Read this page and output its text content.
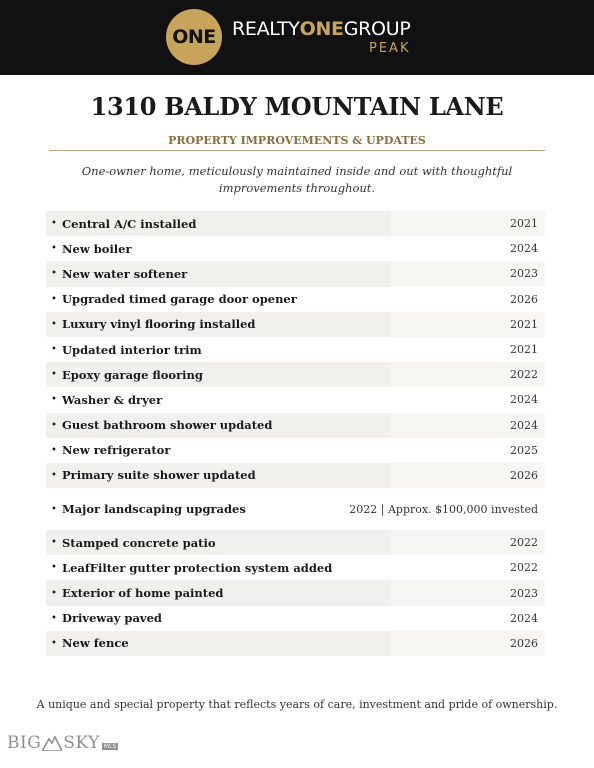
ONE REALTYONEGROUP
PEAK
1310 BALDY MOUNTAIN LANE
PROPERTY IMPROVEMENTS & UPDATES

One-owner home, meticulously maintained inside and out with thoughtful improvements throughout.

• Central A/C installed	2021
• New boiler	2024
• New water softener	2023
• Upgraded timed garage door opener	2026
• Luxury vinyl flooring installed	2021
• Updated interior trim	2021
• Epoxy garage flooring	2022
• Washer & dryer	2024
• Guest bathroom shower updated	2024
• New refrigerator	2025
• Primary suite shower updated	2026
• Major landscaping upgrades	2022 | Approx. $100,000 invested
• Stamped concrete patio	2022
• LeafFilter gutter protection system added	2022
• Exterior of home painted	2023
• Driveway paved	2024
• New fence	2026

A unique and special property that reflects years of care, investment and pride of ownership.

BIG SKY MLS
